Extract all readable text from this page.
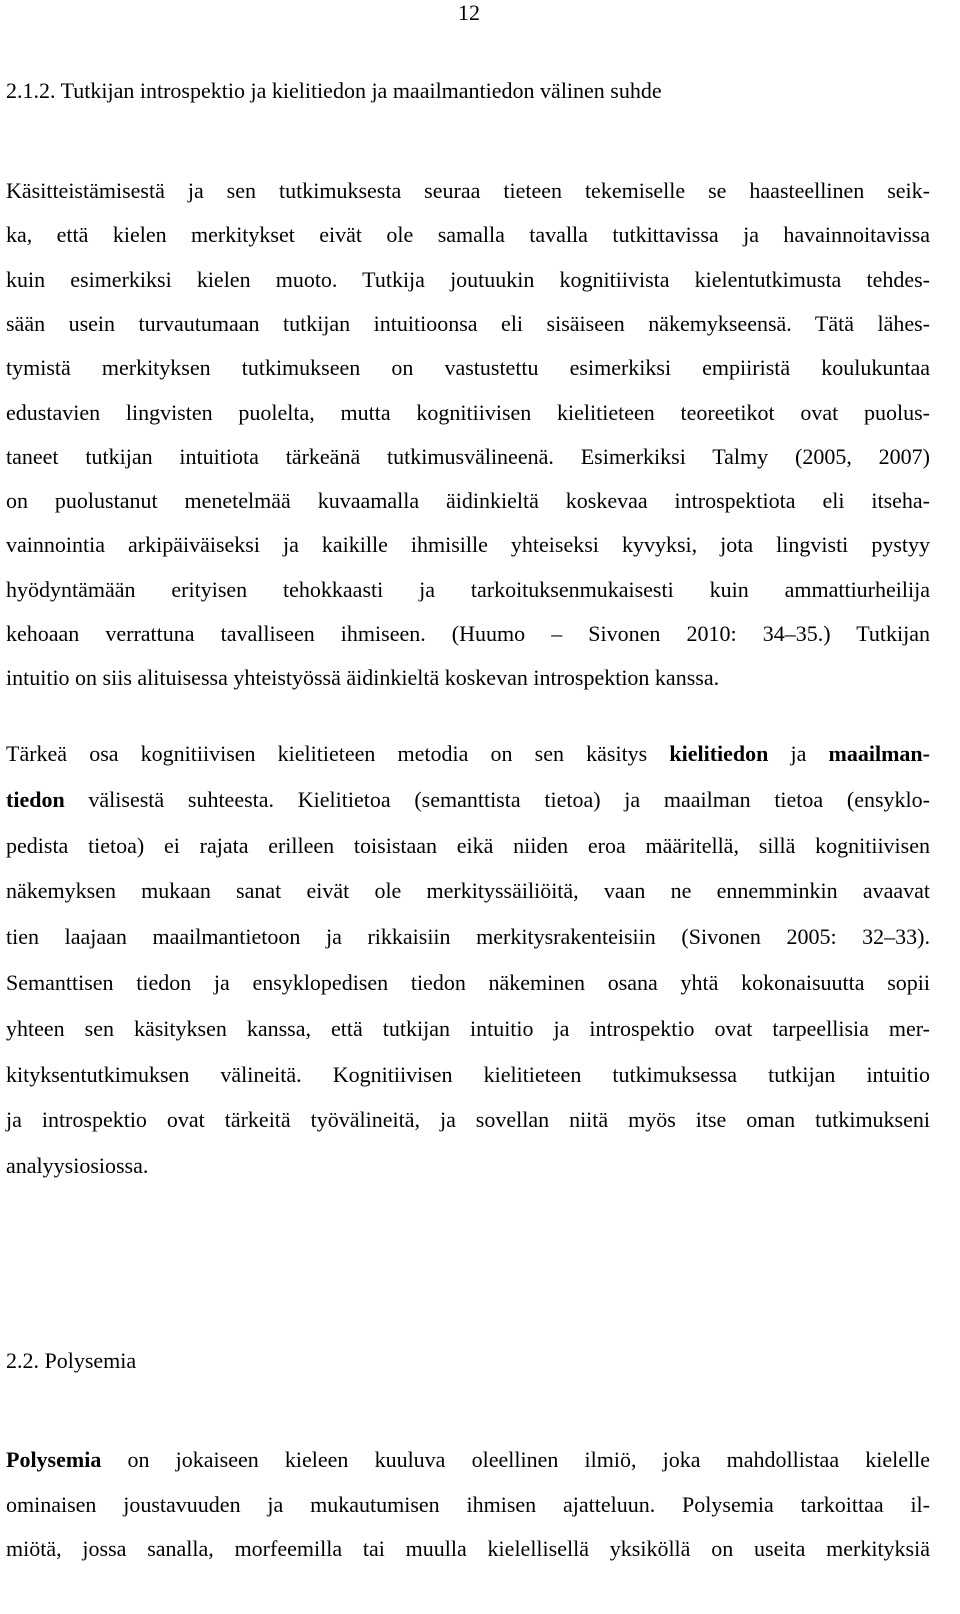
12
2.1.2. Tutkijan introspektio ja kielitiedon ja maailmantiedon välinen suhde
Käsitteistämisestä ja sen tutkimuksesta seuraa tieteen tekemiselle se haasteellinen seik-
ka, että kielen merkitykset eivät ole samalla tavalla tutkittavissa ja havainnoitavissa
kuin esimerkiksi kielen muoto. Tutkija joutuukin kognitiivista kielentutkimusta tehdes-
sään usein turvautumaan tutkijan intuitioonsa eli sisäiseen näkemykseensä. Tätä lähes-
tymistä merkityksen tutkimukseen on vastustettu esimerkiksi empiiristä koulukuntaa
edustavien lingvisten puolelta, mutta kognitiivisen kielitieteen teoreetikot ovat puolus-
taneet tutkijan intuitiota tärkeänä tutkimusvälineenä. Esimerkiksi Talmy (2005, 2007)
on puolustanut menetelmää kuvaamalla äidinkieltä koskevaa introspektiota eli itseha-
vainnointia arkipäiväiseksi ja kaikille ihmisille yhteiseksi kyvyksi, jota lingvisti pystyy
hyödyntämään erityisen tehokkaasti ja tarkoituksenmukaisesti kuin ammattiurheilija
kehoaan verrattuna tavalliseen ihmiseen. (Huumo – Sivonen 2010: 34–35.) Tutkijan
intuitio on siis alituisessa yhteistyössä äidinkieltä koskevan introspektion kanssa.
Tärkeä osa kognitiivisen kielitieteen metodia on sen käsitys kielitiedon ja maailman-
tiedon välisestä suhteesta. Kielitietoa (semanttista tietoa) ja maailman tietoa (ensyklo-
pedista tietoa) ei rajata erilleen toisistaan eikä niiden eroa määritellä, sillä kognitiivisen
näkemyksen mukaan sanat eivät ole merkityssäiliöitä, vaan ne ennemminkin avaavat
tien laajaan maailmantietoon ja rikkaisiin merkitysrakenteisiin (Sivonen 2005: 32–33).
Semanttisen tiedon ja ensyklopedisen tiedon näkeminen osana yhtä kokonaisuutta sopii
yhteen sen käsityksen kanssa, että tutkijan intuitio ja introspektio ovat tarpeellisia mer-
kityksentutkimuksen välineitä. Kognitiivisen kielitieteen tutkimuksessa tutkijan intuitio
ja introspektio ovat tärkeitä työvälineitä, ja sovellan niitä myös itse oman tutkimukseni
analyysiosiossa.
2.2. Polysemia
Polysemia on jokaiseen kieleen kuuluva oleellinen ilmiö, joka mahdollistaa kielelle
ominaisen joustavuuden ja mukautumisen ihmisen ajatteluun. Polysemia tarkoittaa il-
miötä, jossa sanalla, morfeemilla tai muulla kielellisellä yksiköllä on useita merkityksiä
